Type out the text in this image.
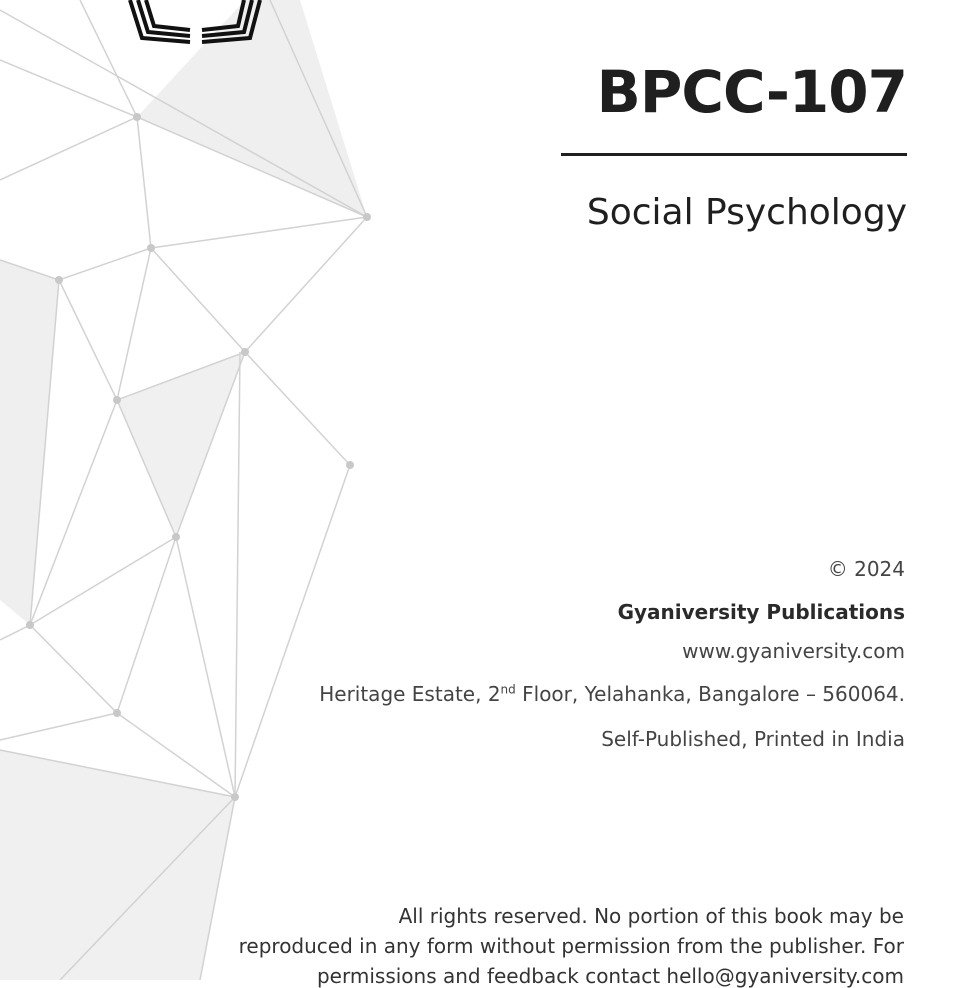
BPCC-107
Social Psychology
© 2024
Gyaniversity Publications
www.gyaniversity.com
Heritage Estate, 2nd Floor, Yelahanka, Bangalore – 560064.
Self-Published, Printed in India
All rights reserved. No portion of this book may be
reproduced in any form without permission from the publisher. For
permissions and feedback contact hello@gyaniversity.com
